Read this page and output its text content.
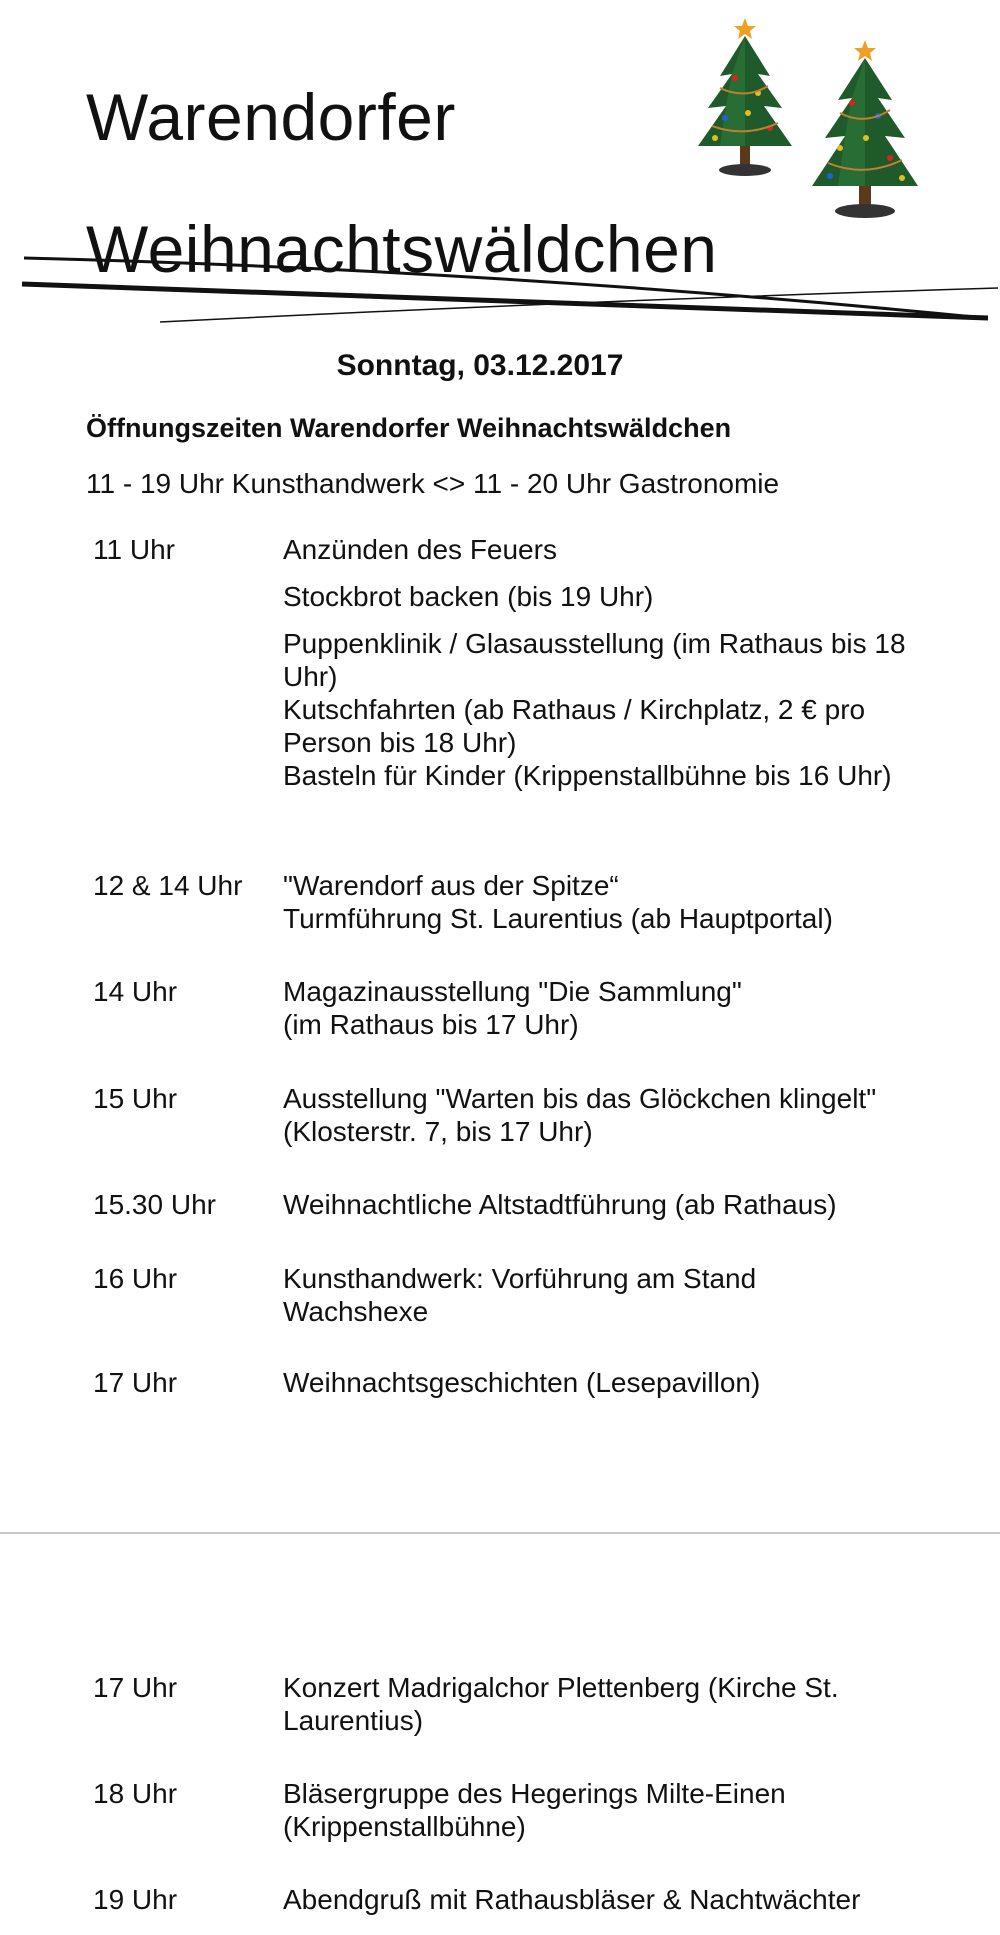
Warendorfer
Weihnachtswäldchen
Sonntag, 03.12.2017
Öffnungszeiten Warendorfer Weihnachtswäldchen
11 - 19 Uhr Kunsthandwerk <> 11 - 20 Uhr Gastronomie
11 Uhr	Anzünden des Feuers

Stockbrot backen (bis 19 Uhr)

Puppenklinik / Glasausstellung (im Rathaus bis 18 Uhr)

Kutschfahrten (ab Rathaus / Kirchplatz, 2 € pro Person bis 18 Uhr)

Basteln für Kinder (Krippenstallbühne bis 16 Uhr)

12 & 14 Uhr "Warendorf aus der Spitze“

Turmführung St. Laurentius (ab Hauptportal)

14 Uhr	Magazinausstellung "Die Sammlung"

(im Rathaus bis 17 Uhr)

15 Uhr	Ausstellung "Warten bis das Glöckchen klingelt"

(Klosterstr. 7, bis 17 Uhr)

15.30 Uhr Weihnachtliche Altstadtführung (ab Rathaus)

16 Uhr	Kunsthandwerk: Vorführung am Stand Wachshexe

17 Uhr	Weihnachtsgeschichten (Lesepavillon)

17 Uhr	Konzert Madrigalchor Plettenberg (Kirche St. Laurentius)

18 Uhr	Bläsergruppe des Hegerings Milte-Einen (Krippenstallbühne)

19 Uhr	Abendgruß mit Rathausbläser & Nachtwächter
